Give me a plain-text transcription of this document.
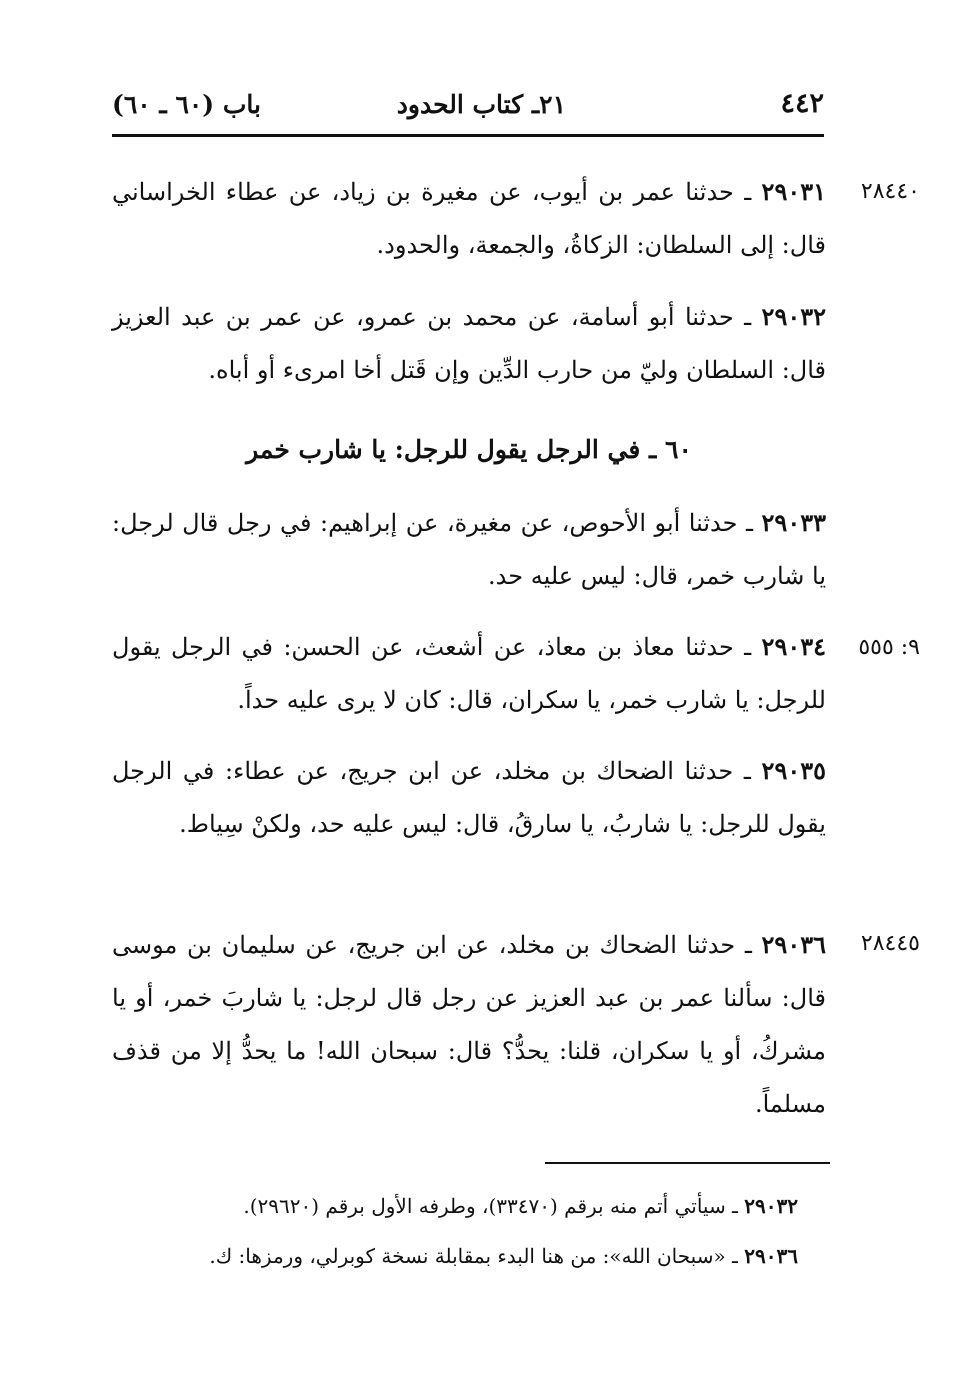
٤٤٢
٢١ـ كتاب الحدود
باب (٦٠ ـ ٦٠)
٢٨٤٤٠
٩: ٥٥٥
٢٨٤٤٥
٢٩٠٣١ ـ حدثنا عمر بن أيوب، عن مغيرة بن زياد، عن عطاء الخراساني قال: إلى السلطان: الزكاةُ، والجمعة، والحدود.
٢٩٠٣٢ ـ حدثنا أبو أسامة، عن محمد بن عمرو، عن عمر بن عبد العزيز قال: السلطان وليّ من حارب الدِّين وإن قَتل أخا امرىء أو أباه.
٦٠ ـ في الرجل يقول للرجل: يا شارب خمر
٢٩٠٣٣ ـ حدثنا أبو الأحوص، عن مغيرة، عن إبراهيم: في رجل قال لرجل: يا شارب خمر، قال: ليس عليه حد.
٢٩٠٣٤ ـ حدثنا معاذ بن معاذ، عن أشعث، عن الحسن: في الرجل يقول للرجل: يا شارب خمر، يا سكران، قال: كان لا يرى عليه حداً.
٢٩٠٣٥ ـ حدثنا الضحاك بن مخلد، عن ابن جريج، عن عطاء: في الرجل يقول للرجل: يا شاربُ، يا سارقُ، قال: ليس عليه حد، ولكنْ سِياط.
٢٩٠٣٦ ـ حدثنا الضحاك بن مخلد، عن ابن جريج، عن سليمان بن موسى قال: سألنا عمر بن عبد العزيز عن رجل قال لرجل: يا شاربَ خمر، أو يا مشركُ، أو يا سكران، قلنا: يحدُّ؟ قال: سبحان الله! ما يحدُّ إلا من قذف مسلماً.
٢٩٠٣٢ ـ سيأتي أتم منه برقم (٣٣٤٧٠)، وطرفه الأول برقم (٢٩٦٢٠).
٢٩٠٣٦ ـ «سبحان الله»: من هنا البدء بمقابلة نسخة كوبرلي، ورمزها: ك.
